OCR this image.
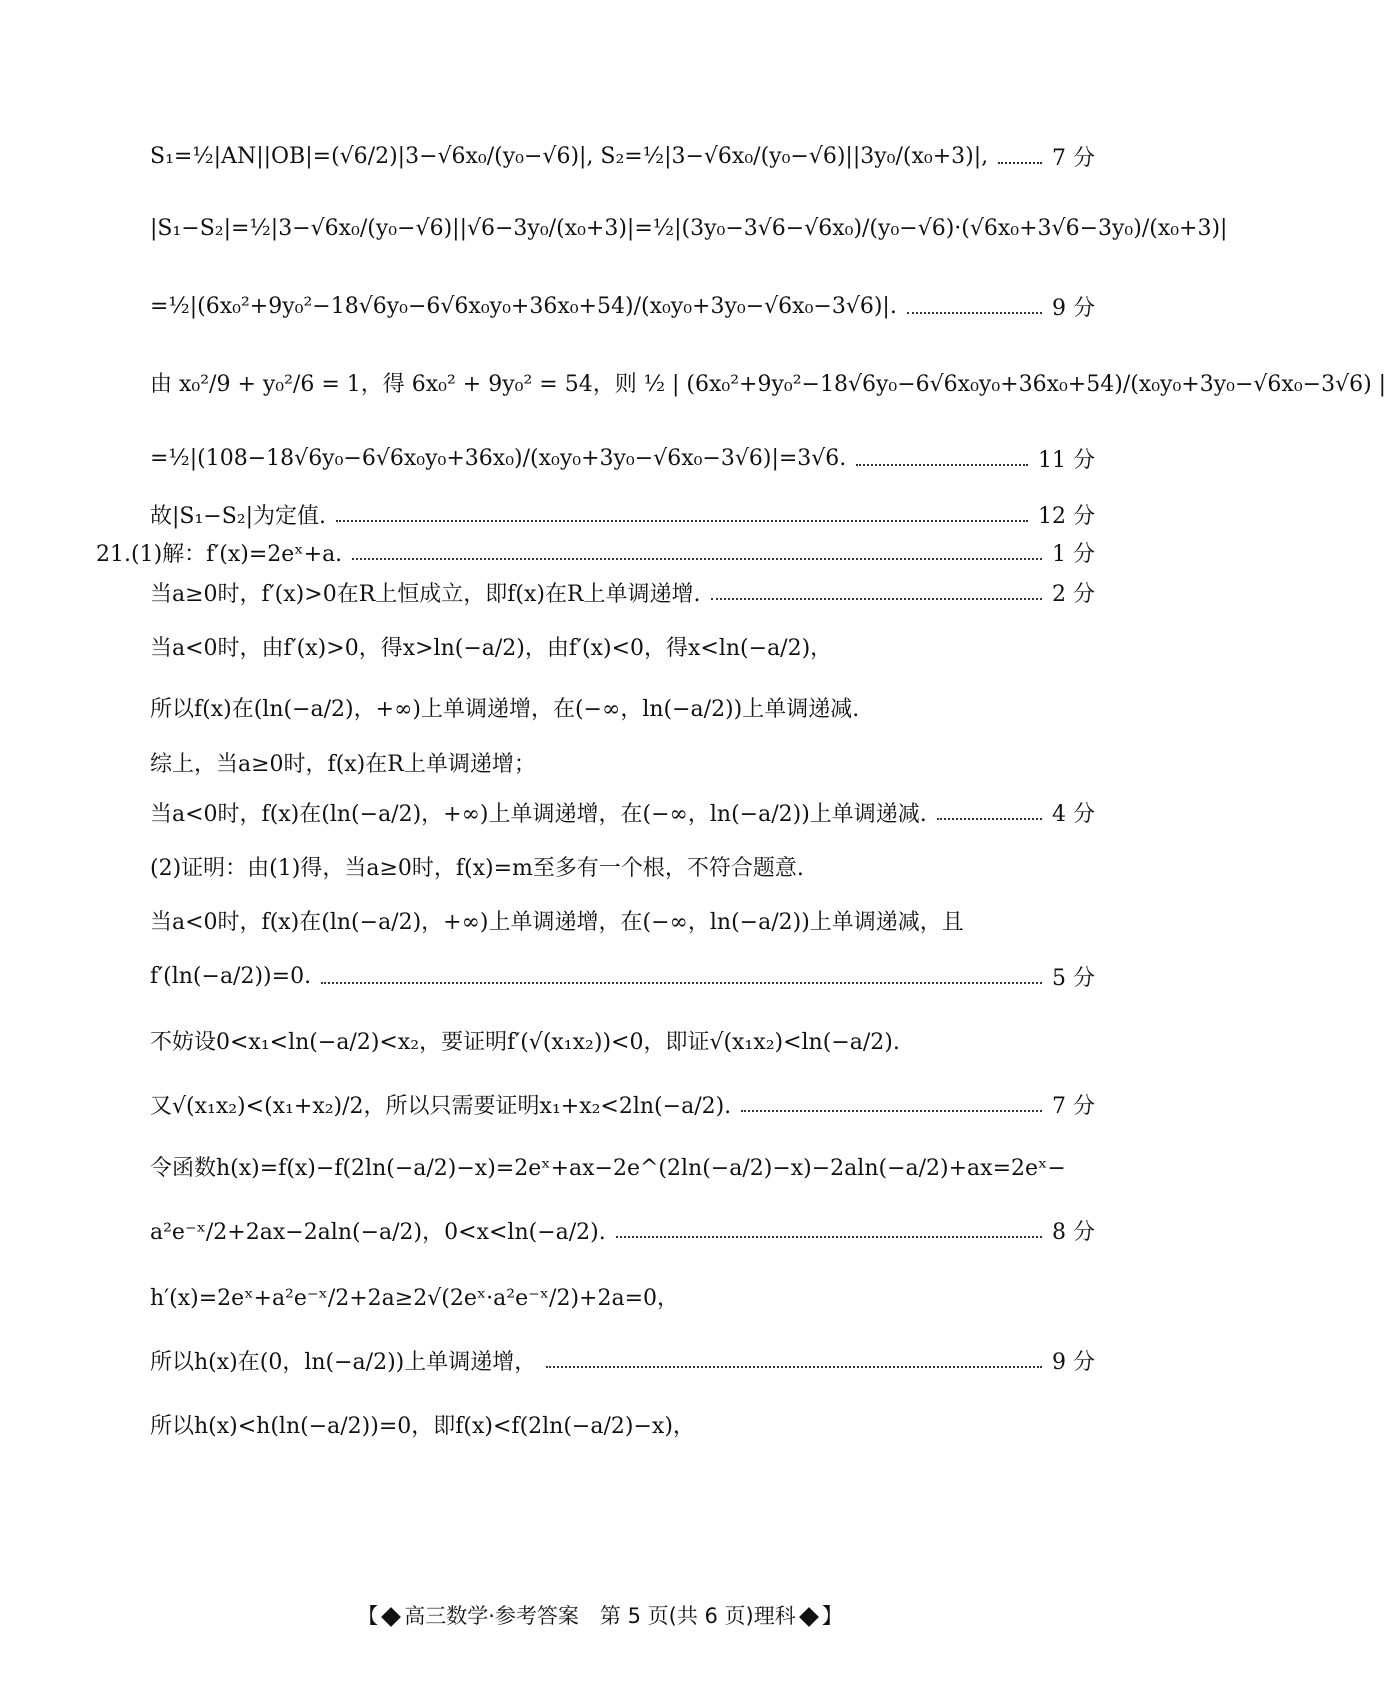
S₁=½|AN||OB|=(√6/2)|3−√6x₀/(y₀−√6)|, S₂=½|3−√6x₀/(y₀−√6)||3y₀/(x₀+3)|,	7 分
|S₁−S₂|=½|3−√6x₀/(y₀−√6)||√6−3y₀/(x₀+3)|=½|(3y₀−3√6−√6x₀)/(y₀−√6)·(√6x₀+3√6−3y₀)/(x₀+3)|
=½|(6x₀²+9y₀²−18√6y₀−6√6x₀y₀+36x₀+54)/(x₀y₀+3y₀−√6x₀−3√6)|.	9 分
由 x₀²/9 + y₀²/6 = 1，得 6x₀² + 9y₀² = 54，则 ½ | (6x₀²+9y₀²−18√6y₀−6√6x₀y₀+36x₀+54)/(x₀y₀+3y₀−√6x₀−3√6) |
=½|(108−18√6y₀−6√6x₀y₀+36x₀)/(x₀y₀+3y₀−√6x₀−3√6)|=3√6.	11 分
故|S₁−S₂|为定值.	12 分
21.(1)解：f′(x)=2eˣ+a.	1 分
当a≥0时，f′(x)>0在R上恒成立，即f(x)在R上单调递增.	2 分
当a<0时，由f′(x)>0，得x>ln(−a/2)，由f′(x)<0，得x<ln(−a/2)，
所以f(x)在(ln(−a/2)，+∞)上单调递增，在(−∞，ln(−a/2))上单调递减.
综上，当a≥0时，f(x)在R上单调递增；
当a<0时，f(x)在(ln(−a/2)，+∞)上单调递增，在(−∞，ln(−a/2))上单调递减.	4 分
(2)证明：由(1)得，当a≥0时，f(x)=m至多有一个根，不符合题意.
当a<0时，f(x)在(ln(−a/2)，+∞)上单调递增，在(−∞，ln(−a/2))上单调递减，且
f′(ln(−a/2))=0.	5 分
不妨设0<x₁<ln(−a/2)<x₂，要证明f′(√(x₁x₂))<0，即证√(x₁x₂)<ln(−a/2).
又√(x₁x₂)<(x₁+x₂)/2，所以只需要证明x₁+x₂<2ln(−a/2).	7 分
令函数h(x)=f(x)−f(2ln(−a/2)−x)=2eˣ+ax−2e^(2ln(−a/2)−x)−2aln(−a/2)+ax=2eˣ−
a²e⁻ˣ/2+2ax−2aln(−a/2)，0<x<ln(−a/2).	8 分
h′(x)=2eˣ+a²e⁻ˣ/2+2a≥2√(2eˣ·a²e⁻ˣ/2)+2a=0，
所以h(x)在(0，ln(−a/2))上单调递增，	9 分
所以h(x)<h(ln(−a/2))=0，即f(x)<f(2ln(−a/2)−x)，
【 高三数学·参考答案　第 5 页(共 6 页)理科 】
